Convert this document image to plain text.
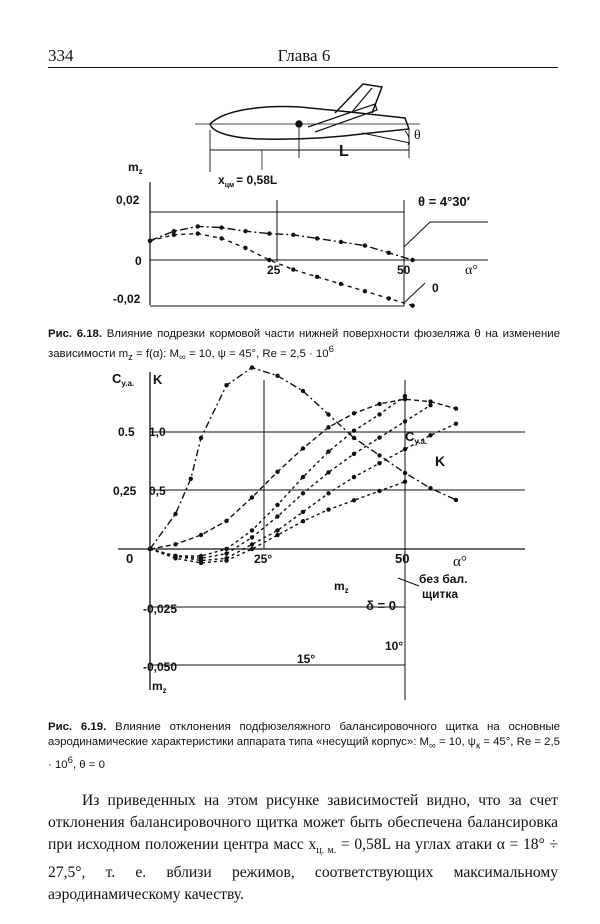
334	Глава 6
L
θ
$x_{цм} = 0,58L$
$m_z$
0,02
0
-0,02
25	50	α°
θ = 4°30′
0
$C_{y.a.}$ K
0.5
0,25
1,0
0,5
0	25°	50	α°
-0,025
-0,050
$m_z$
$m_z$
$C_{y.a.}$
K
без бал.
щитка
δ = 0
10°
15°
Рис. 6.18. Влияние подрезки кормовой части нижней поверхности фюзеляжа θ на изменение зависимости $m_z = f(\alpha)$: $M_\infty = 10$, ψ = 45°, $Re = 2,5 \cdot 10^6$
Рис. 6.19. Влияние отклонения подфюзеляжного балансировочного щитка на основные аэродинамические характеристики аппарата типа «несущий корпус»: $M_\infty = 10$, $\psi_к = 45^\circ$, $Re = 2,5 \cdot 10^6$, θ = 0
Из приведенных на этом рисунке зависимостей видно, что за счет отклонения балансировочного щитка может быть обеспечена балансировка при исходном положении центра масс $x_{ц. м.} = 0,58L$ на углах атаки α = 18° ÷ 27,5°, т. е. вблизи режимов, соответствующих максимальному аэродинамическому качеству.
